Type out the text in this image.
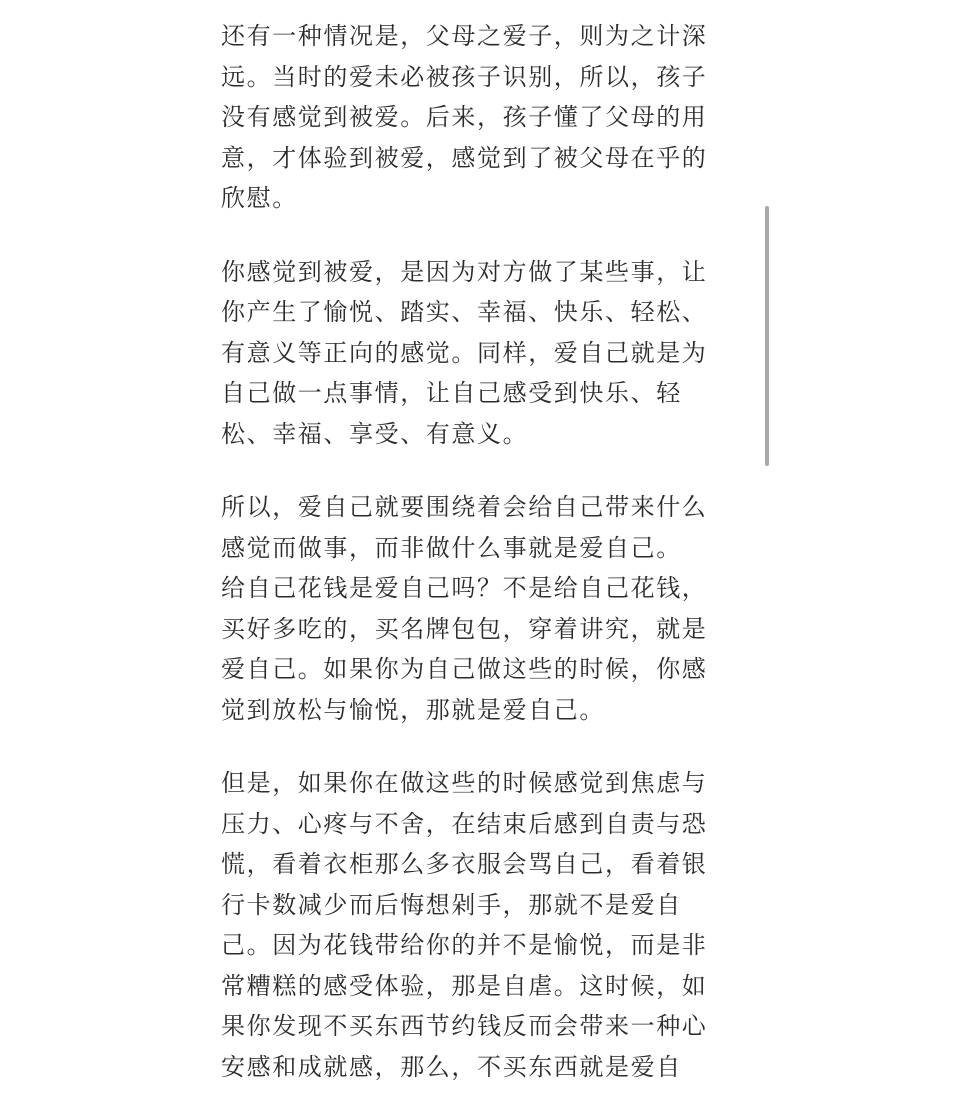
还有一种情况是，父母之爱子，则为之计深
远。当时的爱未必被孩子识别，所以，孩子
没有感觉到被爱。后来，孩子懂了父母的用
意，才体验到被爱，感觉到了被父母在乎的
欣慰。

你感觉到被爱，是因为对方做了某些事，让
你产生了愉悦、踏实、幸福、快乐、轻松、
有意义等正向的感觉。同样，爱自己就是为
自己做一点事情，让自己感受到快乐、轻
松、幸福、享受、有意义。

所以，爱自己就要围绕着会给自己带来什么
感觉而做事，而非做什么事就是爱自己。
给自己花钱是爱自己吗？不是给自己花钱，
买好多吃的，买名牌包包，穿着讲究，就是
爱自己。如果你为自己做这些的时候，你感
觉到放松与愉悦，那就是爱自己。

但是，如果你在做这些的时候感觉到焦虑与
压力、心疼与不舍，在结束后感到自责与恐
慌，看着衣柜那么多衣服会骂自己，看着银
行卡数减少而后悔想剁手，那就不是爱自
己。因为花钱带给你的并不是愉悦，而是非
常糟糕的感受体验，那是自虐。这时候，如
果你发现不买东西节约钱反而会带来一种心
安感和成就感，那么，不买东西就是爱自
